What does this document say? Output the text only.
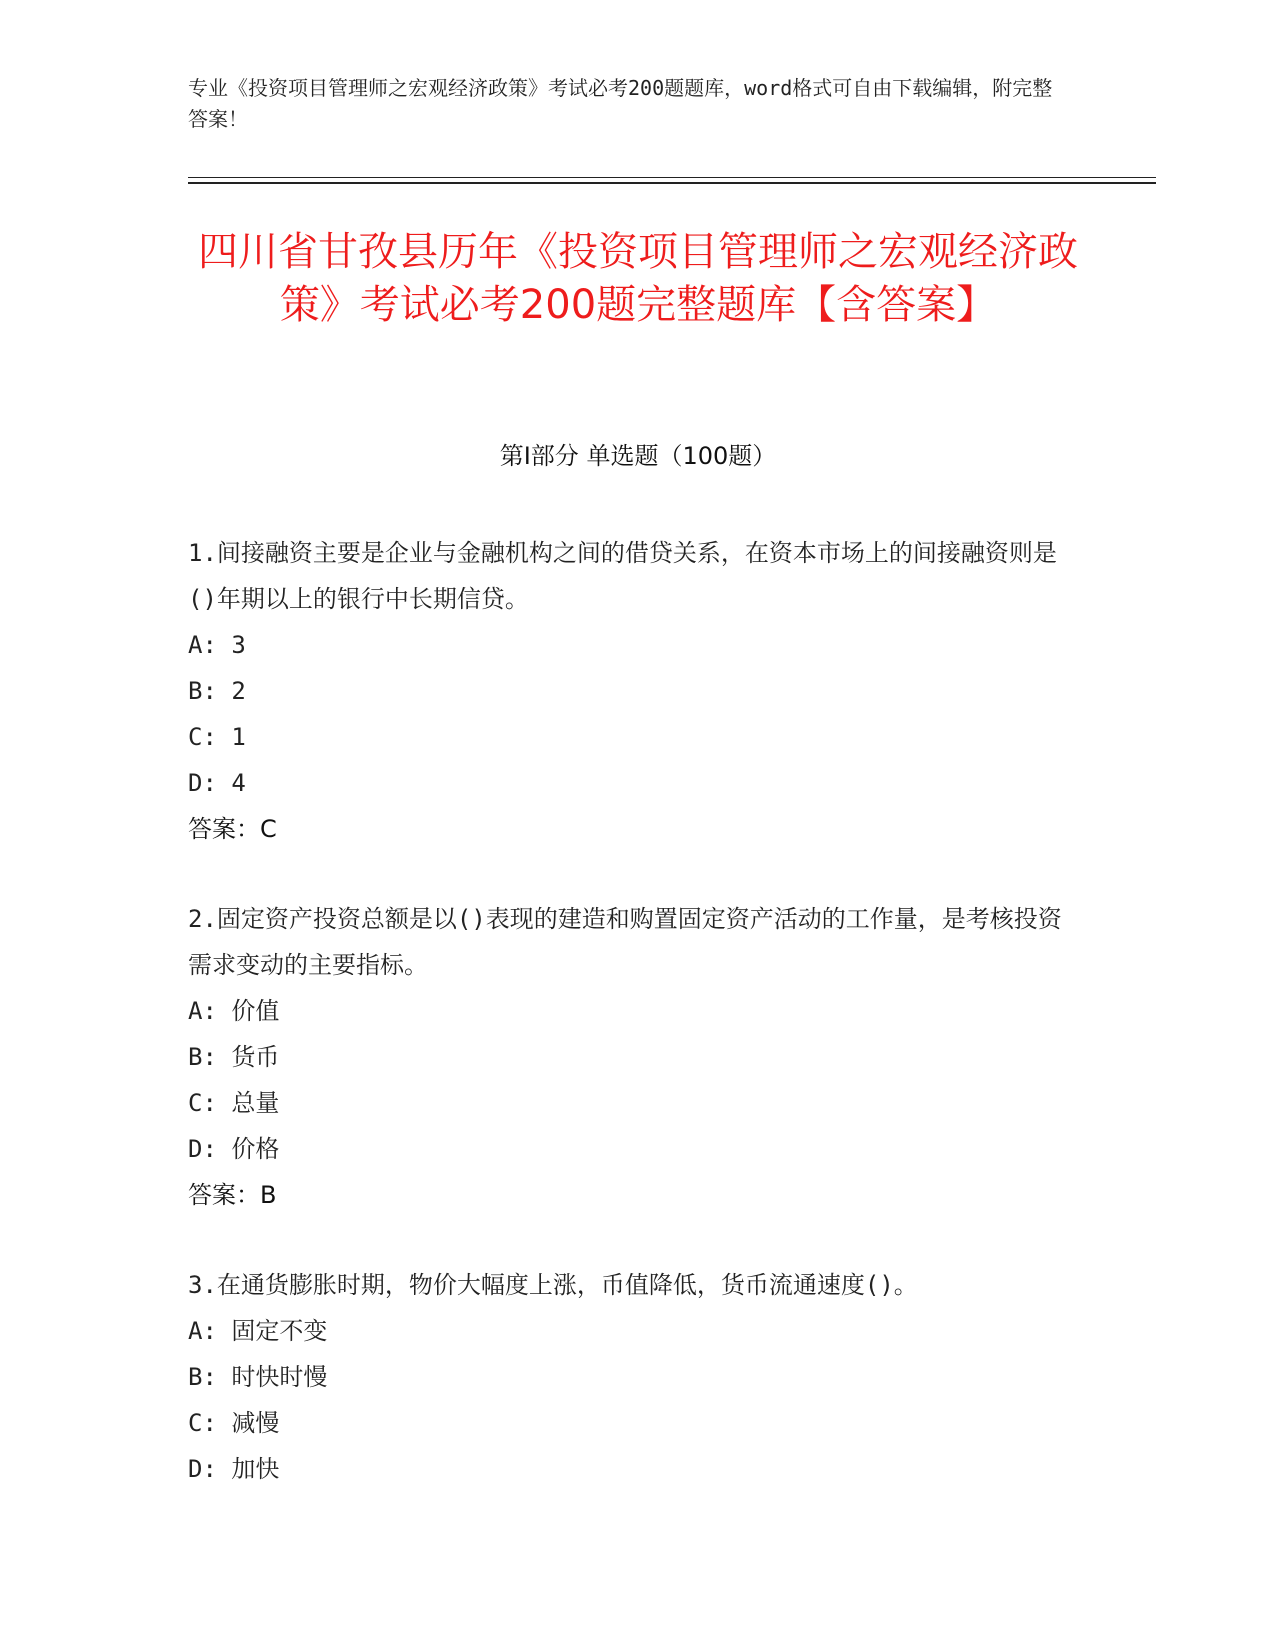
专业《投资项目管理师之宏观经济政策》考试必考200题题库，word格式可自由下载编辑，附完整答案！
四川省甘孜县历年《投资项目管理师之宏观经济政策》考试必考200题完整题库【含答案】
第Ⅰ部分 单选题（100题）

1.间接融资主要是企业与金融机构之间的借贷关系，在资本市场上的间接融资则是()年期以上的银行中长期信贷。

A: 3

B: 2

C: 1

D: 4

答案：C

2.固定资产投资总额是以()表现的建造和购置固定资产活动的工作量，是考核投资需求变动的主要指标。

A: 价值

B: 货币

C: 总量

D: 价格

答案：B

3.在通货膨胀时期，物价大幅度上涨，币值降低，货币流通速度()。

A: 固定不变

B: 时快时慢

C: 减慢

D: 加快
